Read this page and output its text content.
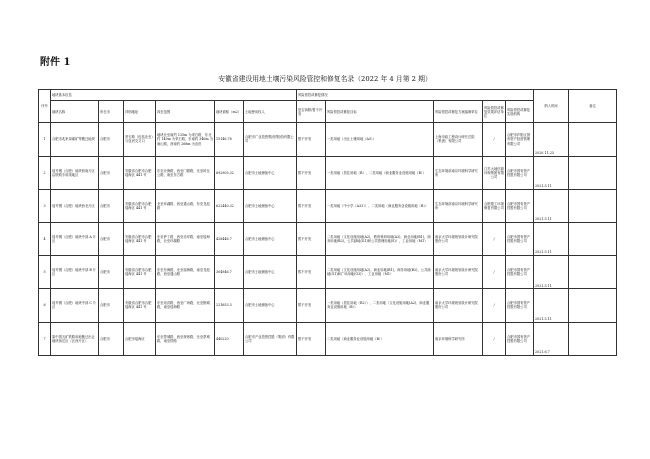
附件 1
安徽省建设用地土壤污染风险管控和修复名录（2022 年 4 月第 2 期）
序号	地块基本信息						风险管控或修复情况					纳入时间	备注
	地块名称	所在市	详细地址	四至范围	地块面积（m2）	土地使用权人	是否拆除/暂不开发	风险管控或修复目标	风险管控或修复方案编制单位	风险管控或修复效果评估单位	风险管控或修复实施机构		
1	合肥市兆家岗煤矿等搬迁地块	合肥市	采石路（包括北至）与包河交叉口	地块北至南约 135m 为采石路，东北约 149m 为采石路，东南约 346m 为南山路，西南约 268m 为农田	15146.76	合肥市广业投资集团(集团)有限公司	暂不开发	一类用地（出让土壤用地（A5））	上海市政工程设计研究总院（集团）有限公司	/	合肥市庐阳区国有资产经营管理有限公司	2020.11.23	
2	瑶号钢（合肥）地块西南片区沿铁路专用线地区	合肥市	安徽省合肥市合肥瑶海区 441 号	东至北海路，西至门德路，北至砖瓦公路，南至东方路	692905.32	合肥市土地储备中心	暂不开发	一类用地（居住用地（R）、二类用地（商业服务业设施用地（B））	生态环境部南京环境科学研究所	江苏大地信源环保集团有限公司	合肥市国有资产控股有限公司	2021.5.11	
3	瑶号钢（合肥）地块西北片区	合肥市	安徽省合肥市合肥瑶海区 441 号	北至环湖路，西至通山路，东至龙池路	622440.32	合肥市土地储备中心	暂不开发	一类用地（中小学（A33））、二类用地（商业服务业设施用地（B））	生态环境部南京环境科学研究所	合肥建工环境修复有限公司	合肥市国有资产控股有限公司	2021.5.11	
4	瑶号钢（合肥）地块中部 A 片区	合肥市	安徽省合肥市合肥瑶海区 441 号	东至萨丁路，西至赤岸路，南至瑶海路，北至环湖路	428446.7	合肥市土地储备中心	暂不开发	二类用地（文化设施用地(A2)，教育科研用地(A3)，商业用地(B1)，商务用地(B2)，公共绿地(G1)和公共管理用地(S)）、工业用地（M1）	南京大学环境规划设计研究院股份公司	/	合肥市国有资产控股有限公司	2021.5.11	
5	瑶号钢（合肥）地块中部 B 片区	合肥市	安徽省合肥市合肥瑶海区 441 号	东至东海路，北至瑶海路，南至龙池路，西至通山路	304946.7	合肥市土地储备中心	暂不开发	二类用地（文化设施用地(A2)，商业用地(B1)，商务用地(B2)，公共绿地(G1)和广场用地(G3)）、工业用地（M1）	南京大学环境规划设计研究院股份公司	/	合肥市国有资产控股有限公司	2021.5.11	
6	瑶号钢（合肥）地块中部 C 片区	合肥市	安徽省合肥市合肥瑶海区 441 号	东至宛洪路，西至广场路，北至钢城路，南至瑶海路	221653.3	合肥市土地储备中心	暂不开发	一类用地（居住用地（R2））、二类用地（文化设施用地(A2)、商业服务业设施用地（B））	南京大学环境规划设计研究院股份公司	/	合肥市国有资产控股有限公司	2021.5.11	
7	原中国五矿铁路用地搬迁出让地块拆迁区（区西片区）	合肥市	合肥市瑶海区	东至蒙城路，西至规划路，北至蒙城路，南至铁路	440220	合肥市产业投资控股（集团）有限公司	暂不开发	二类用地（商业服务业设施用地（B））	南京环境科学研究所	/	合肥市国有资产控股有限公司	2021.6.7	
